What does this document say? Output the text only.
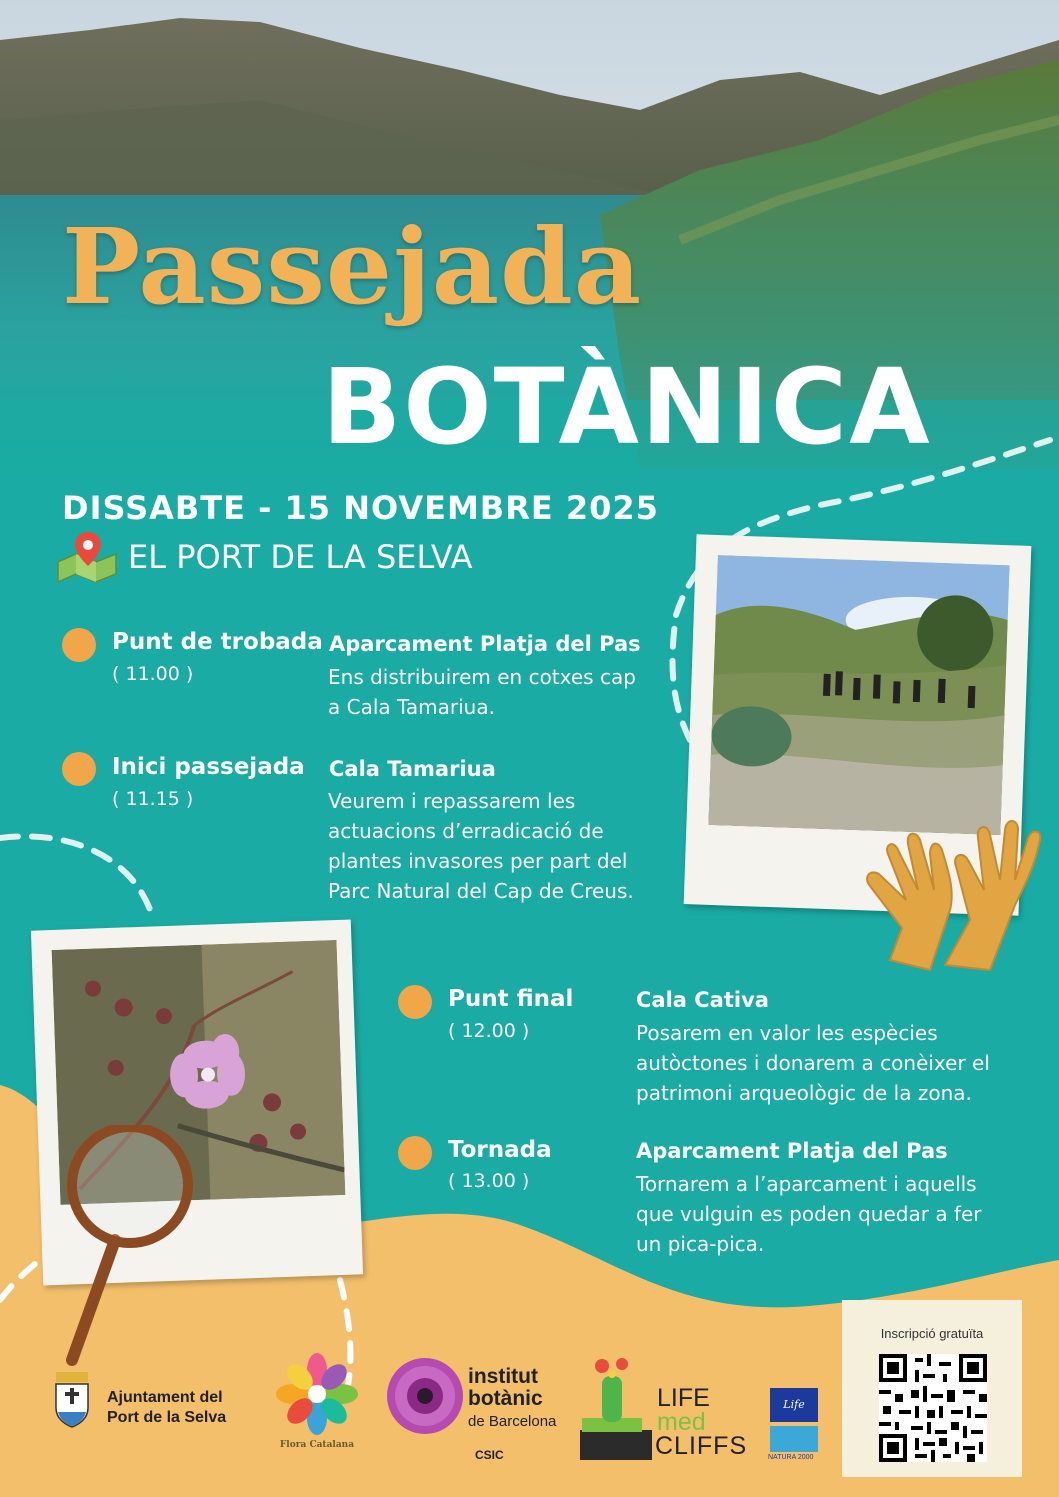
Passejada
BOTÀNICA
DISSABTE - 15 NOVEMBRE 2025
EL PORT DE LA SELVA
Punt de trobada
( 11.00 )
Aparcament Platja del Pas
Ens distribuirem en cotxes cap
a Cala Tamariua.
Inici passejada
( 11.15 )
Cala Tamariua
Veurem i repassarem les
actuacions d’erradicació de
plantes invasores per part del
Parc Natural del Cap de Creus.
Punt final
( 12.00 )
Cala Cativa
Posarem en valor les espècies
autòctones i donarem a conèixer el
patrimoni arqueològic de la zona.
Tornada
( 13.00 )
Aparcament Platja del Pas
Tornarem a l’aparcament i aquells
que vulguin es poden quedar a fer
un pica-pica.
Ajuntament del
Port de la Selva
Flora Catalana
institut
botànic
de Barcelona
CSIC
LIFE
med
CLIFFS
Life
NATURA 2000
Inscripció gratuïta
